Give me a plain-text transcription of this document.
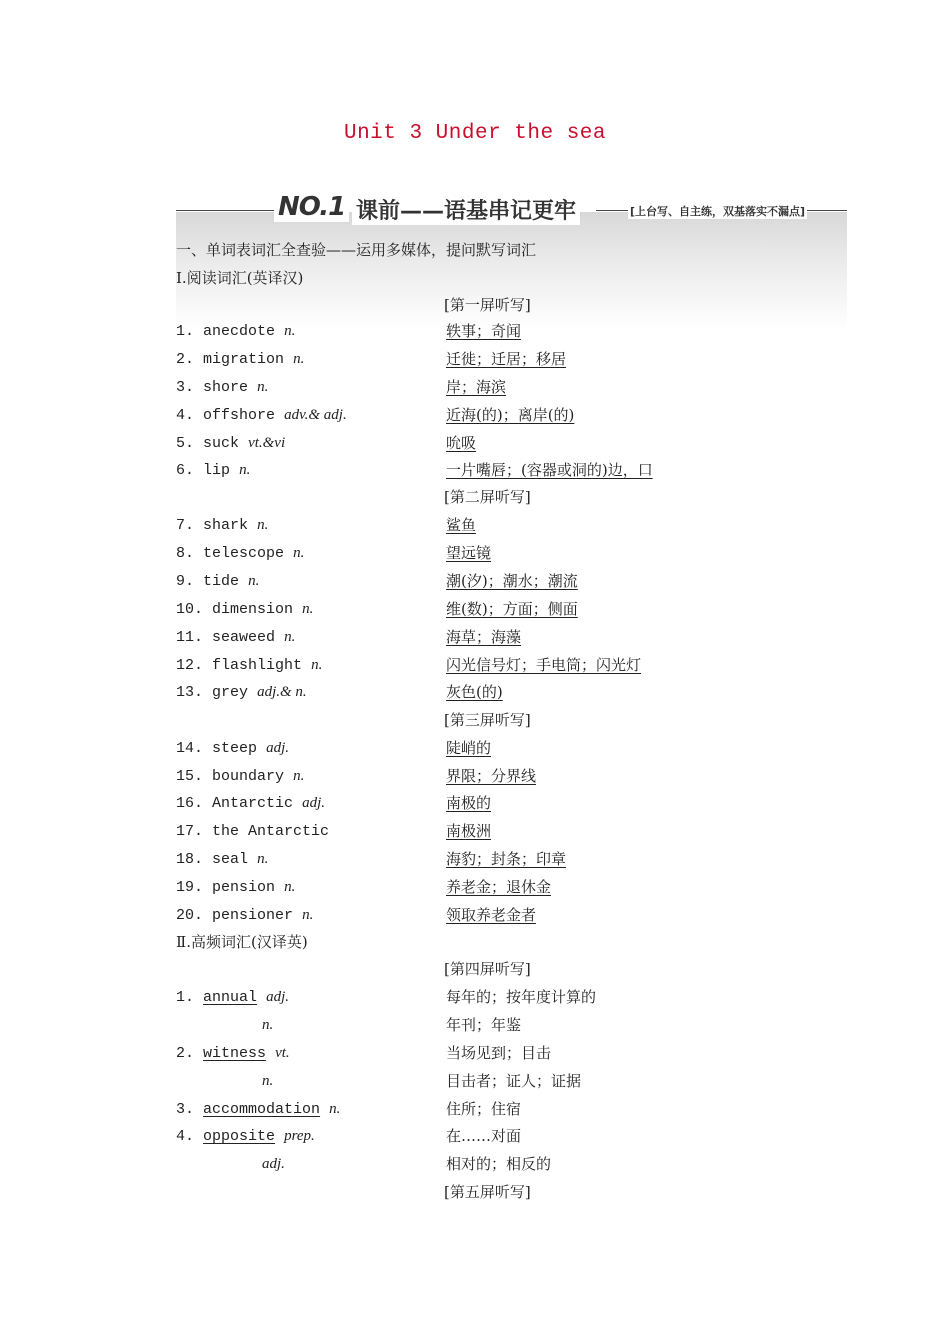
Unit 3 Under the sea
NO.1 课前——语基串记更牢	[上台写、自主练，双基落实不漏点]
一、单词表词汇全查验——运用多媒体，提问默写词汇
Ⅰ.阅读词汇(英译汉)
[第一屏听写]
[第二屏听写]
[第三屏听写]
1. anecdote n.	轶事；奇闻
2. migration n.	迁徙；迁居；移居
3. shore n.	岸；海滨
4. offshore adv.& adj.	近海(的)；离岸(的)
5. suck vt.&vi	吮吸
6. lip n.	一片嘴唇；(容器或洞的)边，口
7. shark n.	鲨鱼
8. telescope n.	望远镜
9. tide n.	潮(汐)；潮水；潮流
10. dimension n.	维(数)；方面；侧面
11. seaweed n.	海草；海藻
12. flashlight n.	闪光信号灯；手电筒；闪光灯
13. grey adj.& n.	灰色(的)
14. steep adj.	陡峭的
15. boundary n.	界限；分界线
16. Antarctic adj.	南极的
17. the Antarctic	南极洲
18. seal n.	海豹；封条；印章
19. pension n.	养老金；退休金
20. pensioner n.	领取养老金者
Ⅱ.高频词汇(汉译英)
[第四屏听写]
[第五屏听写]
1. annual adj.	每年的；按年度计算的
n.	年刊；年鉴
2. witness vt.	当场见到；目击
n.	目击者；证人；证据
3. accommodation n.	住所；住宿
4. opposite prep.	在……对面
adj.	相对的；相反的
